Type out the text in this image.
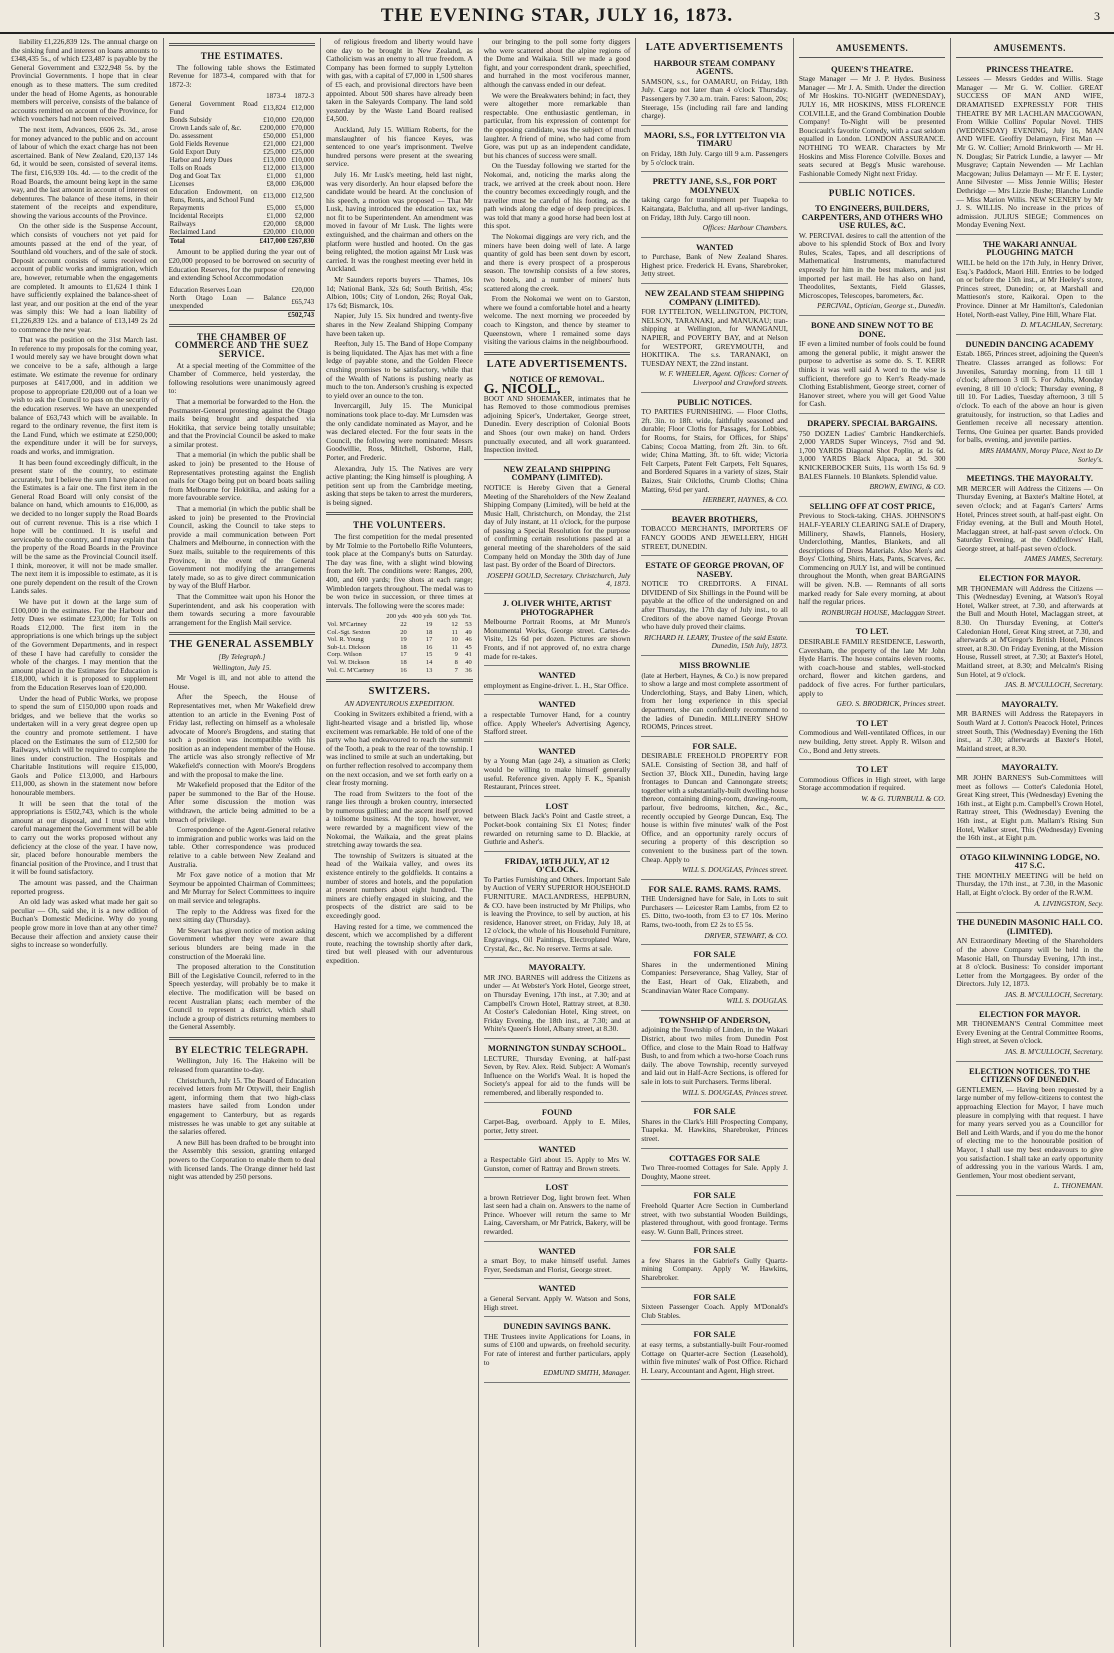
THE EVENING STAR, JULY 16, 1873.	3

liability £1,226,839 12s. The annual charge on the sinking fund and interest on loans amounts to £348,435 5s., of which £23,487 is payable by the General Government and £322,948 5s. by the Provincial Governments. I hope that in clear enough as to these matters. The sum credited under the head of Home Agents, as honourable members will perceive, consists of the balance of accounts remitted on account of the Province, for which vouchers had not been received.

The next item, Advances, £606 2s. 3d., arose for money advanced to the public and on account of labour of which the exact charge has not been ascertained. Bank of New Zealand, £20,137 14s 6d, it would be seen, consisted of several items. The first, £16,939 10s. 4d. — to the credit of the Road Boards, the amount being kept in the same way, and the last amount in account of interest on debentures. The balance of these items, in their statement of the receipts and expenditure, showing the various accounts of the Province.

On the other side is the Suspense Account, which consists of vouchers not yet paid for amounts passed at the end of the year, of Southland old vouchers, and of the sale of stock. Deposit account consists of sums received on account of public works and immigration, which are, however, returnable when the engagements are completed. It amounts to £1,624 I think I have sufficiently explained the balance-sheet of last year, and our position at the end of the year was simply this: We had a loan liability of £1,226,839 12s. and a balance of £13,149 2s 2d to commence the new year.

That was the position on the 31st March last. In reference to my proposals for the coming year, I would merely say we have brought down what we conceive to be a safe, although a large estimate. We estimate the revenue for ordinary purposes at £417,000, and in addition we propose to appropriate £20,000 out of a loan we wish to ask the Council to pass on the security of the education reserves. We have an unexpended balance of £63,743 which will be available. In regard to the ordinary revenue, the first item is the Land Fund, which we estimate at £250,000; the expenditure under it will be for surveys, roads and works, and immigration.

It has been found exceedingly difficult, in the present state of the country, to estimate accurately, but I believe the sum I have placed on the Estimates is a fair one. The first item in the General Road Board will only consist of the balance on hand, which amounts to £16,000, as we decided to no longer supply the Road Boards out of current revenue. This is a rise which I hope will be continued. It is useful and serviceable to the country, and I may explain that the property of the Road Boards in the Province will be the same as the Provincial Council itself. I think, moreover, it will not be made smaller. The next item it is impossible to estimate, as it is one purely dependent on the result of the Crown Lands sales.

We have put it down at the large sum of £100,000 in the estimates. For the Harbour and Jetty Dues we estimate £23,000; for Tolls on Roads £12,000. The first item in the appropriations is one which brings up the subject of the Government Departments, and in respect of these I have had carefully to consider the whole of the charges. I may mention that the amount placed in the Estimates for Education is £18,000, which it is proposed to supplement from the Education Reserves loan of £20,000.

Under the head of Public Works, we propose to spend the sum of £150,000 upon roads and bridges, and we believe that the works so undertaken will in a very great degree open up the country and promote settlement. I have placed on the Estimates the sum of £12,500 for Railways, which will be required to complete the lines under construction. The Hospitals and Charitable Institutions will require £15,000, Gaols and Police £13,000, and Harbours £11,000, as shown in the statement now before honourable members.

It will be seen that the total of the appropriations is £502,743, which is the whole amount at our disposal, and I trust that with careful management the Government will be able to carry out the works proposed without any deficiency at the close of the year. I have now, sir, placed before honourable members the financial position of the Province, and I trust that it will be found satisfactory.

The amount was passed, and the Chairman reported progress.

An old lady was asked what made her gait so peculiar — Oh, said she, it is a new edition of Buchan's Domestic Medicine. Why do young people grow more in love than at any other time? Because their affection and anxiety cause their sighs to increase so wonderfully.

THE ESTIMATES.

The following table shows the Estimated Revenue for 1873-4, compared with that for 1872-3:

	1873-4	1872-3
General Government Road Fund	£13,824	£12,000
Bonds Subsidy	£10,000	£20,000
Crown Lands sale of, &c.	£200,000	£70,000
Do. assessment	£50,000	£51,000
Gold Fields Revenue	£21,000	£21,000
Gold Export Duty	£25,000	£25,000
Harbor and Jetty Dues	£13,000	£10,000
Tolls on Roads	£12,000	£13,000
Dog and Goat Tax	£1,000	£1,000
Licenses	£8,000	£36,000
Education Endowment, on Runs, Rents, and School Fund	£13,000	£12,500
Repayments	£5,000	£5,000
Incidental Receipts	£1,000	£2,000
Railways	£20,000	£8,000
Reclaimed Land	£20,000	£10,000
Total	£417,000	£267,830

Amount to be applied during the year out of £20,000 proposed to be borrowed on security of Education Reserves, for the purpose of renewing and extending School Accommodation

Education Reserves Loan	£20,000
North Otago Loan — Balance unexpended	£65,743
	£502,743
THE CHAMBER OF COMMERCE AND THE SUEZ SERVICE.

At a special meeting of the Committee of the Chamber of Commerce, held yesterday, the following resolutions were unanimously agreed to:

That a memorial be forwarded to the Hon. the Postmaster-General protesting against the Otago mails being brought and despatched via Hokitika, that service being totally unsuitable; and that the Provincial Council be asked to make a similar protest.

That a memorial (in which the public shall be asked to join) be presented to the House of Representatives protesting against the English mails for Otago being put on board boats sailing from Melbourne for Hokitika, and asking for a more favourable service.

That a memorial (in which the public shall be asked to join) be presented to the Provincial Council, asking the Council to take steps to provide a mail communication between Port Chalmers and Melbourne, in connection with the Suez mails, suitable to the requirements of this Province, in the event of the General Government not modifying the arrangements lately made, so as to give direct communication by way of the Bluff Harbor.

That the Committee wait upon his Honor the Superintendent, and ask his cooperation with them towards securing a more favourable arrangement for the English Mail service.

THE GENERAL ASSEMBLY
[By Telegraph.]
Wellington, July 15.

Mr Vogel is ill, and not able to attend the House.

After the Speech, the House of Representatives met, when Mr Wakefield drew attention to an article in the Evening Post of Friday last, reflecting on himself as a wholesale advocate of Moore's Brogdens, and stating that such a position was incompatible with his position as an independent member of the House. The article was also strongly reflective of Mr Wakefield's connection with Moore's Brogdens and with the proposal to make the line.

Mr Wakefield proposed that the Editor of the paper be summoned to the Bar of the House. After some discussion the motion was withdrawn, the article being admitted to be a breach of privilege.

Correspondence of the Agent-General relative to immigration and public works was laid on the table. Other correspondence was produced relative to a cable between New Zealand and Australia.

Mr Fox gave notice of a motion that Mr Seymour be appointed Chairman of Committees; and Mr Murray for Select Committees to inquire on mail service and telegraphs.

The reply to the Address was fixed for the next sitting day (Thursday).

Mr Stewart has given notice of motion asking Government whether they were aware that serious blunders are being made in the construction of the Moeraki line.

The proposed alteration to the Constitution Bill of the Legislative Council, referred to in the Speech yesterday, will probably be to make it elective. The modification will be based on recent Australian plans; each member of the Council to represent a district, which shall include a group of districts returning members to the General Assembly.

BY ELECTRIC TELEGRAPH.

Wellington, July 16. The Hakeino will be released from quarantine to-day.

Christchurch, July 15. The Board of Education received letters from Mr Ottywill, their English agent, informing them that two high-class masters have sailed from London under engagement to Canterbury, but as regards mistresses he was unable to get any suitable at the salaries offered.

A new Bill has been drafted to be brought into the Assembly this session, granting enlarged powers to the Corporation to enable them to deal with licensed lands. The Orange dinner held last night was attended by 250 persons.

of religious freedom and liberty would have one day to be brought in New Zealand, as Catholicism was an enemy to all true freedom. A Company has been formed to supply Lyttelton with gas, with a capital of £7,000 in 1,500 shares of £5 each, and provisional directors have been appointed. About 500 shares have already been taken in the Saleyards Company. The land sold yesterday by the Waste Land Board realised £4,500.

Auckland, July 15. William Roberts, for the manslaughter of his fiancee Keyes, was sentenced to one year's imprisonment. Twelve hundred persons were present at the swearing service.

July 16. Mr Lusk's meeting, held last night, was very disorderly. An hour elapsed before the candidate would be heard. At the conclusion of his speech, a motion was proposed — That Mr Lusk, having introduced the education tax, was not fit to be Superintendent. An amendment was moved in favour of Mr Lusk. The lights were extinguished, and the chairman and others on the platform were hustled and hooted. On the gas being relighted, the motion against Mr Lusk was carried. It was the roughest meeting ever held in Auckland.

Mr Saunders reports buyers — Thames, 10s 1d; National Bank, 32s 6d; South British, 45s; Albion, 100s; City of London, 26s; Royal Oak, 17s 6d; Bismarck, 10s.

Napier, July 15. Six hundred and twenty-five shares in the New Zealand Shipping Company have been taken up.

Reefton, July 15. The Band of Hope Company is being liquidated. The Ajax has met with a fine ledge of payable stone, and the Golden Fleece crushing promises to be satisfactory, while that of the Wealth of Nations is pushing nearly as much to the ton. Anderson's crushing is expected to yield over an ounce to the ton.

Invercargill, July 15. The Municipal nominations took place to-day. Mr Lumsden was the only candidate nominated as Mayor, and he was declared elected. For the four seats in the Council, the following were nominated: Messrs Goodwillie, Ross, Mitchell, Osborne, Hall, Porter, and Frederic.

Alexandra, July 15. The Natives are very active planting; the King himself is ploughing. A petition sent up from the Cambridge meeting, asking that steps be taken to arrest the murderers, is being signed.

THE VOLUNTEERS.

The first competition for the medal presented by Mr Tolmie to the Portobello Rifle Volunteers, took place at the Company's butts on Saturday. The day was fine, with a slight wind blowing from the left. The conditions were: Ranges, 200, 400, and 600 yards; five shots at each range; Wimbledon targets throughout. The medal was to be won twice in succession, or three times at intervals. The following were the scores made:

	200 yds	400 yds	600 yds	Tot.
Vol. M'Cartney	22	19	12	53
Col.-Sgt. Sexton	20	18	11	49
Vol. R. Young	19	17	10	46
Sub-Lt. Dickson	18	16	11	45
Corp. Wilson	17	15	9	41
Vol. W. Dickson	18	14	8	40
Vol. C. M'Cartney	16	13	7	36
SWITZERS.
AN ADVENTUROUS EXPEDITION.

Cooking in Switzers exhibited a friend, with a light-hearted visage and a bristled lip, whose excitement was remarkable. He told of one of the party who had endeavoured to reach the summit of the Tooth, a peak to the rear of the township. I was inclined to smile at such an undertaking, but on further reflection resolved to accompany them on the next occasion, and we set forth early on a clear frosty morning.

The road from Switzers to the foot of the range lies through a broken country, intersected by numerous gullies; and the ascent itself proved a toilsome business. At the top, however, we were rewarded by a magnificent view of the Nokomai, the Waikaia, and the great plains stretching away towards the sea.

The township of Switzers is situated at the head of the Waikaia valley, and owes its existence entirely to the goldfields. It contains a number of stores and hotels, and the population at present numbers about eight hundred. The miners are chiefly engaged in sluicing, and the prospects of the district are said to be exceedingly good.

Having rested for a time, we commenced the descent, which we accomplished by a different route, reaching the township shortly after dark, tired but well pleased with our adventurous expedition.

our bringing to the poll some forty diggers who were scattered about the alpine regions of the Dome and Waikaia. Still we made a good fight, and your correspondent drank, speechified, and hurrahed in the most vociferous manner, although the canvass ended in our defeat.

We were the Breakwaters behind; in fact, they were altogether more remarkable than respectable. One enthusiastic gentleman, in particular, from his expression of contempt for the opposing candidate, was the subject of much laughter. A friend of mine, who had come from Gore, was put up as an independent candidate, but his chances of success were small.

On the Tuesday following we started for the Nokomai, and, noticing the marks along the track, we arrived at the creek about noon. Here the country becomes exceedingly rough, and the traveller must be careful of his footing, as the path winds along the edge of deep precipices. I was told that many a good horse had been lost at this spot.

The Nokomai diggings are very rich, and the miners have been doing well of late. A large quantity of gold has been sent down by escort, and there is every prospect of a prosperous season. The township consists of a few stores, two hotels, and a number of miners' huts scattered along the creek.

From the Nokomai we went on to Garston, where we found a comfortable hotel and a hearty welcome. The next morning we proceeded by coach to Kingston, and thence by steamer to Queenstown, where I remained some days visiting the various claims in the neighbourhood.

LATE ADVERTISEMENTS.
NOTICE OF REMOVAL.
G. NICOLL,
BOOT AND SHOEMAKER, intimates that he has Removed to those commodious premises adjoining Spicer's, Undertaker, George street, Dunedin. Every description of Colonial Boots and Shoes (our own make) on hand. Orders punctually executed, and all work guaranteed. Inspection invited.
NEW ZEALAND SHIPPING COMPANY (LIMITED).
NOTICE is Hereby Given that a General Meeting of the Shareholders of the New Zealand Shipping Company (Limited), will be held at the Music Hall, Christchurch, on Monday, the 21st day of July instant, at 11 o'clock, for the purpose of passing a Special Resolution for the purpose of confirming certain resolutions passed at a general meeting of the shareholders of the said Company held on Monday the 30th day of June last past. By order of the Board of Directors.
JOSEPH GOULD, Secretary. Christchurch, July 4, 1873.
J. OLIVER WHITE, ARTIST PHOTOGRAPHER
Melbourne Portrait Rooms, at Mr Munro's Monumental Works, George street. Cartes-de-Visite, 12s 6d per dozen. Pictures are shown Fronts, and if not approved of, no extra charge made for re-takes.
WANTED
employment as Engine-driver. L. H., Star Office.
WANTED
a respectable Turnover Hand, for a country office. Apply Wheeler's Advertising Agency, Stafford street.
WANTED
by a Young Man (age 24), a situation as Clerk; would be willing to make himself generally useful. Reference given. Apply F. K., Spanish Restaurant, Princes street.
LOST
between Black Jack's Point and Castle street, a Pocket-book containing Six £1 Notes; finder rewarded on returning same to D. Blackie, at Guthrie and Asher's.
FRIDAY, 18TH JULY, AT 12 O'CLOCK.
To Parties Furnishing and Others. Important Sale by Auction of VERY SUPERIOR HOUSEHOLD FURNITURE. MACLANDRESS, HEPBURN, & CO. have been instructed by Mr Philips, who is leaving the Province, to sell by auction, at his residence, Hanover street, on Friday, July 18, at 12 o'clock, the whole of his Household Furniture, Engravings, Oil Paintings, Electroplated Ware, Crystal, &c., &c. No reserve. Terms at sale.
MAYORALTY.
MR JNO. BARNES will address the Citizens as under — At Webster's York Hotel, George street, on Thursday Evening, 17th inst., at 7.30; and at Campbell's Crown Hotel, Rattray street, at 8.30. At Coster's Caledonian Hotel, King street, on Friday Evening, the 18th inst., at 7.30; and at White's Queen's Hotel, Albany street, at 8.30.
MORNINGTON SUNDAY SCHOOL.
LECTURE, Thursday Evening, at half-past Seven, by Rev. Alex. Reid. Subject: A Woman's Influence on the World's Weal. It is hoped the Society's appeal for aid to the funds will be remembered, and liberally responded to.
FOUND
Carpet-Bag, overboard. Apply to E. Miles, porter, Jetty street.
WANTED
a Respectable Girl about 15. Apply to Mrs W. Gunston, corner of Rattray and Brown streets.
LOST
a brown Retriever Dog, light brown feet. When last seen had a chain on. Answers to the name of Prince. Whoever will return the same to Mr Laing, Caversham, or Mr Patrick, Bakery, will be rewarded.
WANTED
a smart Boy, to make himself useful. James Fryer, Seedsman and Florist, George street.
WANTED
a General Servant. Apply W. Watson and Sons, High street.
DUNEDIN SAVINGS BANK.
THE Trustees invite Applications for Loans, in sums of £100 and upwards, on freehold security. For rate of interest and further particulars, apply to
EDMUND SMITH, Manager.
LATE ADVERTISEMENTS
HARBOUR STEAM COMPANY AGENTS.
SAMSON, s.s., for OAMARU, on Friday, 18th July. Cargo not later than 4 o'clock Thursday. Passengers by 7.30 a.m. train. Fares: Saloon, 20s; Steerage, 15s (including rail fare and landing charge).
MAORI, S.S., FOR LYTTELTON VIA TIMARU
on Friday, 18th July. Cargo till 9 a.m. Passengers by 5 o'clock train.
PRETTY JANE, S.S., FOR PORT MOLYNEUX
taking cargo for transhipment per Tuapeka to Kaitangata, Balclutha, and all up-river landings, on Friday, 18th July. Cargo till noon.
Offices: Harbour Chambers.
WANTED
to Purchase, Bank of New Zealand Shares. Highest price. Frederick H. Evans, Sharebroker, Jetty street.
NEW ZEALAND STEAM SHIPPING COMPANY (LIMITED).
FOR LYTTELTON, WELLINGTON, PICTON, NELSON, TARANAKI, and MANUKAU; tran-shipping at Wellington, for WANGANUI, NAPIER, and POVERTY BAY, and at Nelson for WESTPORT, GREYMOUTH, and HOKITIKA. The s.s. TARANAKI, on TUESDAY NEXT, the 22nd instant.
W. F. WHEELER, Agent. Offices: Corner of Liverpool and Crawford streets.
PUBLIC NOTICES.
TO PARTIES FURNISHING. — Floor Cloths, 2ft. 3in. to 18ft. wide, faithfully seasoned and durable; Floor Cloths for Passages, for Lobbies, for Rooms, for Stairs, for Offices, for Ships' Cabins; Cocoa Matting, from 2ft. 3in. to 6ft. wide; China Matting, 3ft. to 6ft. wide; Victoria Felt Carpets, Patent Felt Carpets, Felt Squares, and Bordered Squares in a variety of sizes, Stair Baizes, Stair Oilcloths, Crumb Cloths; China Matting, 6½d per yard.
HERBERT, HAYNES, & CO.
BEAVER BROTHERS,
TOBACCO MERCHANTS, IMPORTERS OF FANCY GOODS AND JEWELLERY, HIGH STREET, DUNEDIN.
ESTATE OF GEORGE PROVAN, OF NASEBY.
NOTICE TO CREDITORS. A FINAL DIVIDEND of Six Shillings in the Pound will be payable at the office of the undersigned on and after Thursday, the 17th day of July inst., to all Creditors of the above named George Provan who have duly proved their claims.
RICHARD H. LEARY, Trustee of the said Estate. Dunedin, 15th July, 1873.
MISS BROWNLIE
(late at Herbert, Haynes, & Co.) is now prepared to show a large and most complete assortment of Underclothing, Stays, and Baby Linen, which, from her long experience in this special department, she can confidently recommend to the ladies of Dunedin. MILLINERY SHOW ROOMS, Princes street.
FOR SALE.
DESIRABLE FREEHOLD PROPERTY FOR SALE. Consisting of Section 38, and half of Section 37, Block XII., Dunedin, having large frontages to Duncan and Cannongate streets; together with a substantially-built dwelling house thereon, containing dining-room, drawing-room, parlour, five bedrooms, kitchen, &c., &c., recently occupied by George Duncan, Esq. The house is within five minutes' walk of the Post Office, and an opportunity rarely occurs of securing a property of this description so convenient to the business part of the town. Cheap. Apply to
WILL S. DOUGLAS, Princes street.
FOR SALE. RAMS. RAMS. RAMS.
THE Undersigned have for Sale, in Lots to suit Purchasers — Leicester Ram Lambs, from £2 to £5. Ditto, two-tooth, from £3 to £7 10s. Merino Rams, two-tooth, from £2 2s to £5 5s.
DRIVER, STEWART, & CO.
FOR SALE
Shares in the undermentioned Mining Companies: Perseverance, Shag Valley, Star of the East, Heart of Oak, Elizabeth, and Scandinavian Water Race Company.
WILL S. DOUGLAS.
TOWNSHIP OF ANDERSON,
adjoining the Township of Linden, in the Wakari District, about two miles from Dunedin Post Office, and close to the Main Road to Halfway Bush, to and from which a two-horse Coach runs daily. The above Township, recently surveyed and laid out in Half-Acre Sections, is offered for sale in lots to suit Purchasers. Terms liberal.
WILL S. DOUGLAS, Princes street.
FOR SALE
Shares in the Clark's Hill Prospecting Company, Tuapeka. M. Hawkins, Sharebroker, Princes street.
COTTAGES FOR SALE
Two Three-roomed Cottages for Sale. Apply J. Doughty, Maone street.
FOR SALE
Freehold Quarter Acre Section in Cumberland street, with two substantial Wooden Buildings, plastered throughout, with good frontage. Terms easy. W. Gunn Ball, Princes street.
FOR SALE
a few Shares in the Gabriel's Gully Quartz-mining Company. Apply W. Hawkins, Sharebroker.
FOR SALE
Sixteen Passenger Coach. Apply M'Donald's Club Stables.
FOR SALE
at easy terms, a substantially-built Four-roomed Cottage on Quarter-acre Section (Leasehold), within five minutes' walk of Post Office. Richard H. Leary, Accountant and Agent, High street.
AMUSEMENTS.
QUEEN'S THEATRE.
Stage Manager — Mr J. P. Hydes. Business Manager — Mr J. A. Smith. Under the direction of Mr Hoskins. TO-NIGHT (WEDNESDAY), JULY 16, MR HOSKINS, MISS FLORENCE COLVILLE, and the Grand Combination Double Company! To-Night will be presented Boucicault's favorite Comedy, with a cast seldom equalled in London. LONDON ASSURANCE. NOTHING TO WEAR. Characters by Mr Hoskins and Miss Florence Colville. Boxes and seats secured at Begg's Music warehouse. Fashionable Comedy Night next Friday.
PUBLIC NOTICES.
TO ENGINEERS, BUILDERS, CARPENTERS, AND OTHERS WHO USE RULES, &C.
W. PERCIVAL desires to call the attention of the above to his splendid Stock of Box and Ivory Rules, Scales, Tapes, and all descriptions of Mathematical Instruments, manufactured expressly for him in the best makers, and just imported per last mail. He has also on hand, Theodolites, Sextants, Field Glasses, Microscopes, Telescopes, barometers, &c.
PERCIVAL, Optician, George st., Dunedin.
BONE AND SINEW NOT TO BE DONE.
IF even a limited number of fools could be found among the general public, it might answer the purpose to advertise as some do. S. T. KERR thinks it was well said A word to the wise is sufficient, therefore go to Kerr's Ready-made Clothing Establishment, George street, corner of Hanover street, where you will get Good Value for Cash.
DRAPERY. SPECIAL BARGAINS.
750 DOZEN Ladies' Cambric Handkerchiefs. 2,000 YARDS Super Winceys, 7½d and 9d. 1,700 YARDS Diagonal Shot Poplin, at 1s 6d. 3,000 YARDS Black Alpaca, at 9d. 300 KNICKERBOCKER Suits, 11s worth 15s 6d. 9 BALES Flannels. 10 Blankets. Splendid value.
BROWN, EWING, & CO.
SELLING OFF AT COST PRICE,
Previous to Stock-taking. CHAS. JOHNSON'S HALF-YEARLY CLEARING SALE of Drapery, Millinery, Shawls, Flannels, Hosiery, Underclothing, Mantles, Blankets, and all descriptions of Dress Materials. Also Men's and Boys' Clothing, Shirts, Hats, Pants, Scarves, &c. Commencing on JULY 1st, and will be continued throughout the Month, when great BARGAINS will be given. N.B. — Remnants of all sorts marked ready for Sale every morning, at about half the regular prices.
RONBURGH HOUSE, Maclaggan Street.
TO LET.
DESIRABLE FAMILY RESIDENCE, Lesworth, Caversham, the property of the late Mr John Hyde Harris. The house contains eleven rooms, with coach-house and stables, well-stocked orchard, flower and kitchen gardens, and paddock of five acres. For further particulars, apply to
GEO. S. BRODRICK, Princes street.
TO LET
Commodious and Well-ventilated Offices, in our new building, Jetty street. Apply R. Wilson and Co., Bond and Jetty streets.
TO LET
Commodious Offices in High street, with large Storage accommodation if required.
W. & G. TURNBULL & CO.
AMUSEMENTS.
PRINCESS THEATRE.
Lessees — Messrs Geddes and Willis. Stage Manager — Mr G. W. Collier. GREAT SUCCESS OF MAN AND WIFE, DRAMATISED EXPRESSLY FOR THIS THEATRE BY MR LACHLAN MACGOWAN, From Wilkie Collins' Popular Novel. THIS (WEDNESDAY) EVENING, July 16, MAN AND WIFE. Geoffry Delamayn, First Man — Mr G. W. Collier; Arnold Brinkworth — Mr H. N. Douglas; Sir Patrick Lundie, a lawyer — Mr Musgrave; Captain Newenden — Mr Lachlan Macgowan; Julius Delamayn — Mr F. E. Lyster; Anne Silvester — Miss Jennie Willis; Hester Dethridge — Mrs Lizzie Bushe; Blanche Lundie — Miss Marion Willis. NEW SCENERY by Mr J. S. WILLIS. No increase in the prices of admission. JULIUS SIEGE; Commences on Monday Evening Next.
THE WAKARI ANNUAL PLOUGHING MATCH
WILL be held on the 17th July, in Henry Driver, Esq.'s Paddock, Maori Hill. Entries to be lodged on or before the 15th inst., at Mr Heeley's store, Princes street, Dunedin; or, at Marshall and Mattieson's store, Kaikorai. Open to the Province. Dinner at Mr Hamilton's, Caledonian Hotel, North-east Valley, Pine Hill, Whare Flat.
D. M'LACHLAN, Secretary.
DUNEDIN DANCING ACADEMY
Estab. 1865, Princes street, adjoining the Queen's Theatre. Classes arranged as follows: For Juveniles, Saturday morning, from 11 till 1 o'clock; afternoon 3 till 5. For Adults, Monday evening, 8 till 10 o'clock; Thursday evening, 8 till 10. For Ladies, Tuesday afternoon, 3 till 5 o'clock. To each of the above an hour is given gratuitously, for instruction, so that Ladies and Gentlemen receive all necessary attention. Terms, One Guinea per quarter. Bands provided for balls, evening, and juvenile parties.
MRS HAMANN, Moray Place, Next to Dr Sorley's.
MEETINGS. THE MAYORALTY.
MR MERCER will Address the Citizens — On Thursday Evening, at Baxter's Maltine Hotel, at seven o'clock; and at Fagan's Carters' Arms Hotel, Princes street south, at half-past eight. On Friday evening, at the Bull and Mouth Hotel, Maclaggan street, at half-past seven o'clock. On Saturday Evening, at the Oddfellows' Hall, George street, at half-past seven o'clock.
JAMES JAMES, Secretary.
ELECTION FOR MAYOR.
MR THONEMAN will Address the Citizens — This (Wednesday) Evening, at Watson's Royal Hotel, Walker street, at 7.30, and afterwards at the Bull and Mouth Hotel, Maclaggan street, at 8.30. On Thursday Evening, at Cotter's Caledonian Hotel, Great King street, at 7.30, and afterwards at M'Gregor's British Hotel, Princes street, at 8.30. On Friday Evening, at the Mission House, Russell street, at 7.30; at Baxter's Hotel, Maitland street, at 8.30; and Melcalm's Rising Sun Hotel, at 9 o'clock.
JAS. B. M'CULLOCH, Secretary.
MAYORALTY.
MR BARNES will Address the Ratepayers in South Ward at J. Cotton's Peacock Hotel, Princes street South, This (Wednesday) Evening the 16th inst., at 7.30; afterwards at Baxter's Hotel, Maitland street, at 8.30.
MAYORALTY.
MR JOHN BARNES'S Sub-Committees will meet as follows — Cotter's Caledonia Hotel, Great King street, This (Wednesday) Evening the 16th inst., at Eight p.m. Campbell's Crown Hotel, Rattray street, This (Wednesday) Evening the 16th inst., at Eight p.m. Mallam's Rising Sun Hotel, Walker street, This (Wednesday) Evening the 16th inst., at Eight p.m.
OTAGO KILWINNING LODGE, NO. 417 S.C.
THE MONTHLY MEETING will be held on Thursday, the 17th inst., at 7.30, in the Masonic Hall, at Eight o'clock. By order of the R.W.M.
A. LIVINGSTON, Secy.
THE DUNEDIN MASONIC HALL CO. (LIMITED).
AN Extraordinary Meeting of the Shareholders of the above Company will be held in the Masonic Hall, on Thursday Evening, 17th inst., at 8 o'clock. Business: To consider important Letter from the Mortgagees. By order of the Directors. July 12, 1873.
JAS. B. M'CULLOCH, Secretary.
ELECTION FOR MAYOR.
MR THONEMAN'S Central Committee meet Every Evening at the Central Committee Rooms, High street, at Seven o'clock.
JAS. B. M'CULLOCH, Secretary.
ELECTION NOTICES. TO THE CITIZENS OF DUNEDIN.
GENTLEMEN, — Having been requested by a large number of my fellow-citizens to contest the approaching Election for Mayor, I have much pleasure in complying with that request. I have for many years served you as a Councillor for Bell and Leith Wards, and if you do me the honor of electing me to the honourable position of Mayor, I shall use my best endeavours to give you satisfaction. I shall take an early opportunity of addressing you in the various Wards. I am, Gentlemen, Your most obedient servant,
L. THONEMAN.
